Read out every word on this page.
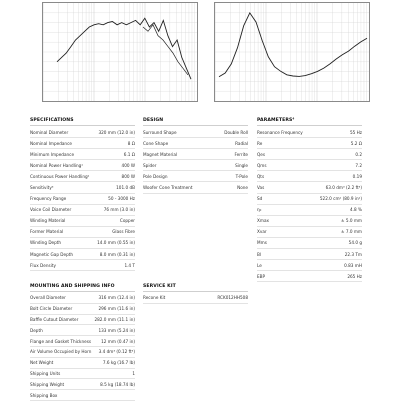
SPECIFICATIONS
Nominal Diameter	320 mm (12.0 in)
Nominal Impedance	8 Ω
Minimum Impedance	6.1 Ω
Nominal Power Handling¹	400 W
Continuous Power Handling²	800 W
Sensitivity³	101.0 dB
Frequency Range	50 - 3000 Hz
Voice Coil Diameter	76 mm (3.0 in)
Winding Material	Copper
Former Material	Glass Fibre
Winding Depth	14.0 mm (0.55 in)
Magnetic Gap Depth	8.0 mm (0.31 in)
Flux Density	1.4 T
DESIGN
Surround Shape	Double Roll
Cone Shape	Radial
Magnet Material	Ferrite
Spider	Single
Pole Design	T-Pole
Woofer Cone Treatment	None
PARAMETERS⁴
Resonance Frequency	55 Hz
Re	5.2 Ω
Qes	0.2
Qms	7.2
Qts	0.19
Vas	63.0 dm³ (2.2 ft³)
Sd	522.0 cm² (80.9 in²)
η₀	4.8 %
Xmax	± 5.0 mm
Xvar	± 7.0 mm
Mms	54.0 g
Bl	22.3 Tm
Le	0.83 mH
EBP	265 Hz
MOUNTING AND SHIPPING INFO
Overall Diameter	316 mm (12.4 in)
Bolt Circle Diameter	296 mm (11.6 in)
Baffle Cutout Diameter	282.0 mm (11.1 in)
Depth	133 mm (5.24 in)
Flange and Gasket Thickness 12 mm (0.47 in)
Air Volume Occupied by Horn 3.4 dm³ (0.12 ft³)
Net Weight	7.6 kg (16.7 lb)
Shipping Units	1
Shipping Weight	8.5 kg (18.74 lb)
Shipping Box
SERVICE KIT
Recone Kit	RCK012HH508
